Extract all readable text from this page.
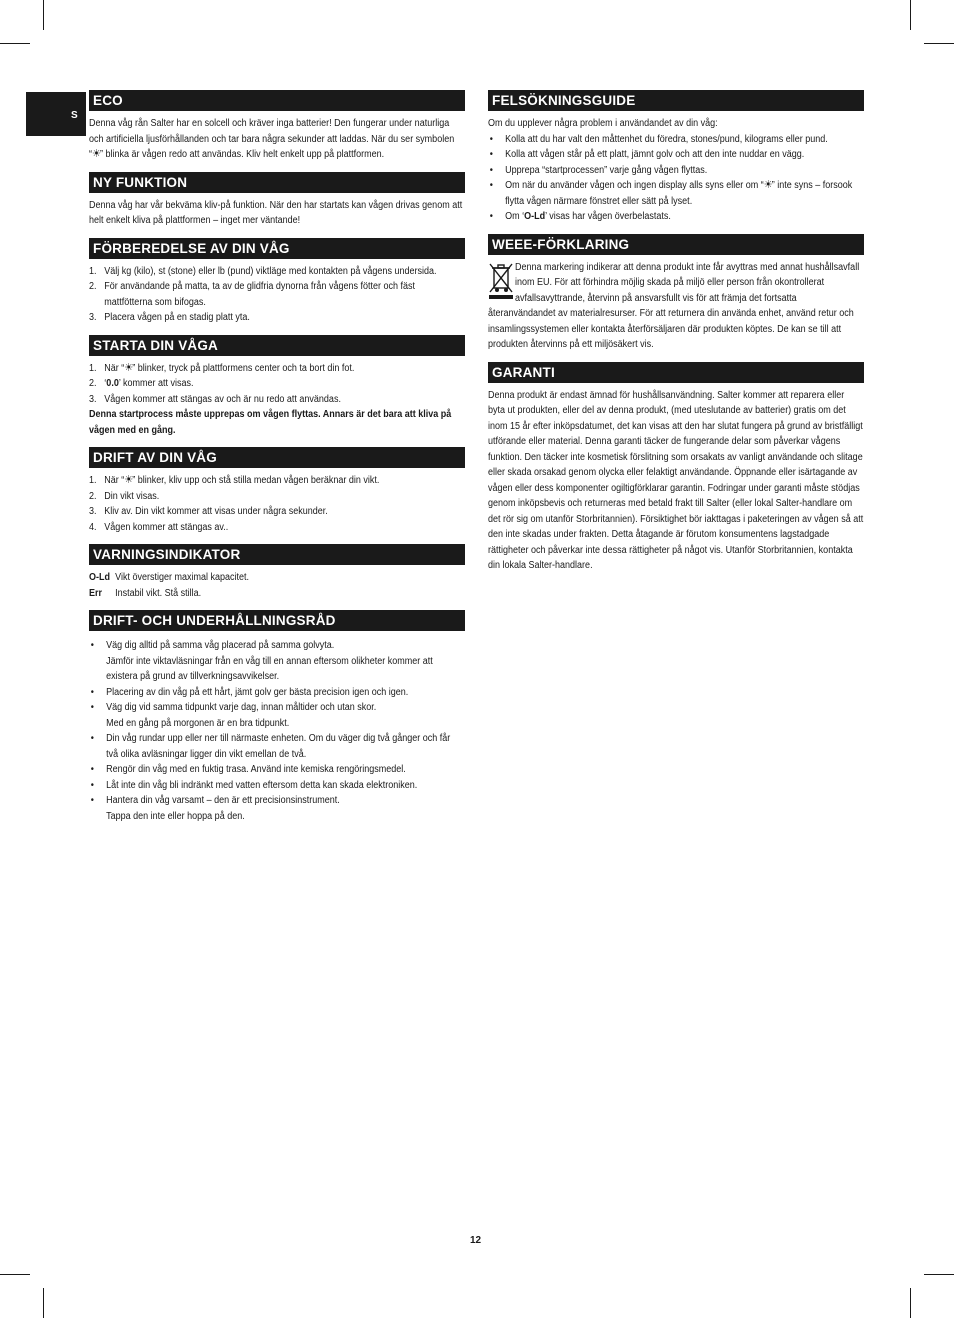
S
ECO
Denna våg rån Salter har en solcell och kräver inga batterier! Den fungerar under naturliga och artificiella ljusförhållanden och tar bara några sekunder att laddas. När du ser symbolen “☀” blinka är vågen redo att användas. Kliv helt enkelt upp på plattformen.
NY FUNKTION
Denna våg har vår bekväma kliv-på funktion. När den har startats kan vågen drivas genom att helt enkelt kliva på plattformen – inget mer väntande!
FÖRBEREDELSE AV DIN VÅG
1. Välj kg (kilo), st (stone) eller lb (pund) viktläge med kontakten på vågens undersida.
2. För användande på matta, ta av de glidfria dynorna från vågens fötter och fäst mattfötterna som bifogas.
3. Placera vågen på en stadig platt yta.
STARTA DIN VÅGA
1. När “☀” blinker, tryck på plattformens center och ta bort din fot.
2. ‘0.0’ kommer att visas.
3. Vågen kommer att stängas av och är nu redo att användas.
Denna startprocess måste upprepas om vågen flyttas. Annars är det bara att kliva på vågen med en gång.
DRIFT AV DIN VÅG
1. När “☀” blinker, kliv upp och stå stilla medan vågen beräknar din vikt.
2. Din vikt visas.
3. Kliv av. Din vikt kommer att visas under några sekunder.
4. Vågen kommer att stängas av..
VARNINGSINDIKATOR
O-Ld Vikt överstiger maximal kapacitet.
Err	Instabil vikt. Stå stilla.
DRIFT- OCH UNDERHÅLLNINGSRÅD
•	Väg dig alltid på samma våg placerad på samma golvyta.
Jämför inte viktavläsningar från en våg till en annan eftersom olikheter kommer att existera på grund av tillverkningsavvikelser.
•	Placering av din våg på ett hårt, jämt golv ger bästa precision igen och igen.
•	Väg dig vid samma tidpunkt varje dag, innan måltider och utan skor.
Med en gång på morgonen är en bra tidpunkt.
•	Din våg rundar upp eller ner till närmaste enheten. Om du väger dig två gånger och får två olika avläsningar ligger din vikt emellan de två.
•	Rengör din våg med en fuktig trasa. Använd inte kemiska rengöringsmedel.
•	Låt inte din våg bli indränkt med vatten eftersom detta kan skada elektroniken.
•	Hantera din våg varsamt – den är ett precisionsinstrument.
Tappa den inte eller hoppa på den.
FELSÖKNINGSGUIDE
Om du upplever några problem i användandet av din våg:
•	Kolla att du har valt den måttenhet du föredra, stones/pund, kilograms eller pund.
•	Kolla att vågen står på ett platt, jämnt golv och att den inte nuddar en vägg.
•	Upprepa “startprocessen” varje gång vågen flyttas.
•	Om när du använder vågen och ingen display alls syns eller om “☀” inte syns – forsook flytta vågen närmare fönstret eller sätt på lyset.
•	Om ‘O-Ld’ visas har vågen överbelastats.
WEEE-FÖRKLARING
Denna markering indikerar att denna produkt inte får avyttras med annat hushållsavfall inom EU. För att förhindra möjlig skada på miljö eller person från okontrollerat avfallsavyttrande, återvinn på ansvarsfullt vis för att främja det fortsatta återanvändandet av materialresurser. För att returnera din använda enhet, använd retur och insamlingssystemen eller kontakta återförsäljaren där produkten köptes. De kan se till att produkten återvinns på ett miljösäkert vis.
GARANTI
Denna produkt är endast ämnad för hushållsanvändning. Salter kommer att reparera eller byta ut produkten, eller del av denna produkt, (med uteslutande av batterier) gratis om det inom 15 år efter inköpsdatumet, det kan visas att den har slutat fungera på grund av bristfälligt utförande eller material. Denna garanti täcker de fungerande delar som påverkar vågens funktion. Den täcker inte kosmetisk förslitning som orsakats av vanligt användande och slitage eller skada orsakad genom olycka eller felaktigt användande. Öppnande eller isärtagande av vågen eller dess komponenter ogiltigförklarar garantin. Fodringar under garanti måste stödjas genom inköpsbevis och returneras med betald frakt till Salter (eller lokal Salter-handlare om det rör sig om utanför Storbritannien). Försiktighet bör iakttagas i paketeringen av vågen så att den inte skadas under frakten. Detta åtagande är förutom konsumentens lagstadgade rättigheter och påverkar inte dessa rättigheter på något vis. Utanför Storbritannien, kontakta din lokala Salter-handlare.
12
